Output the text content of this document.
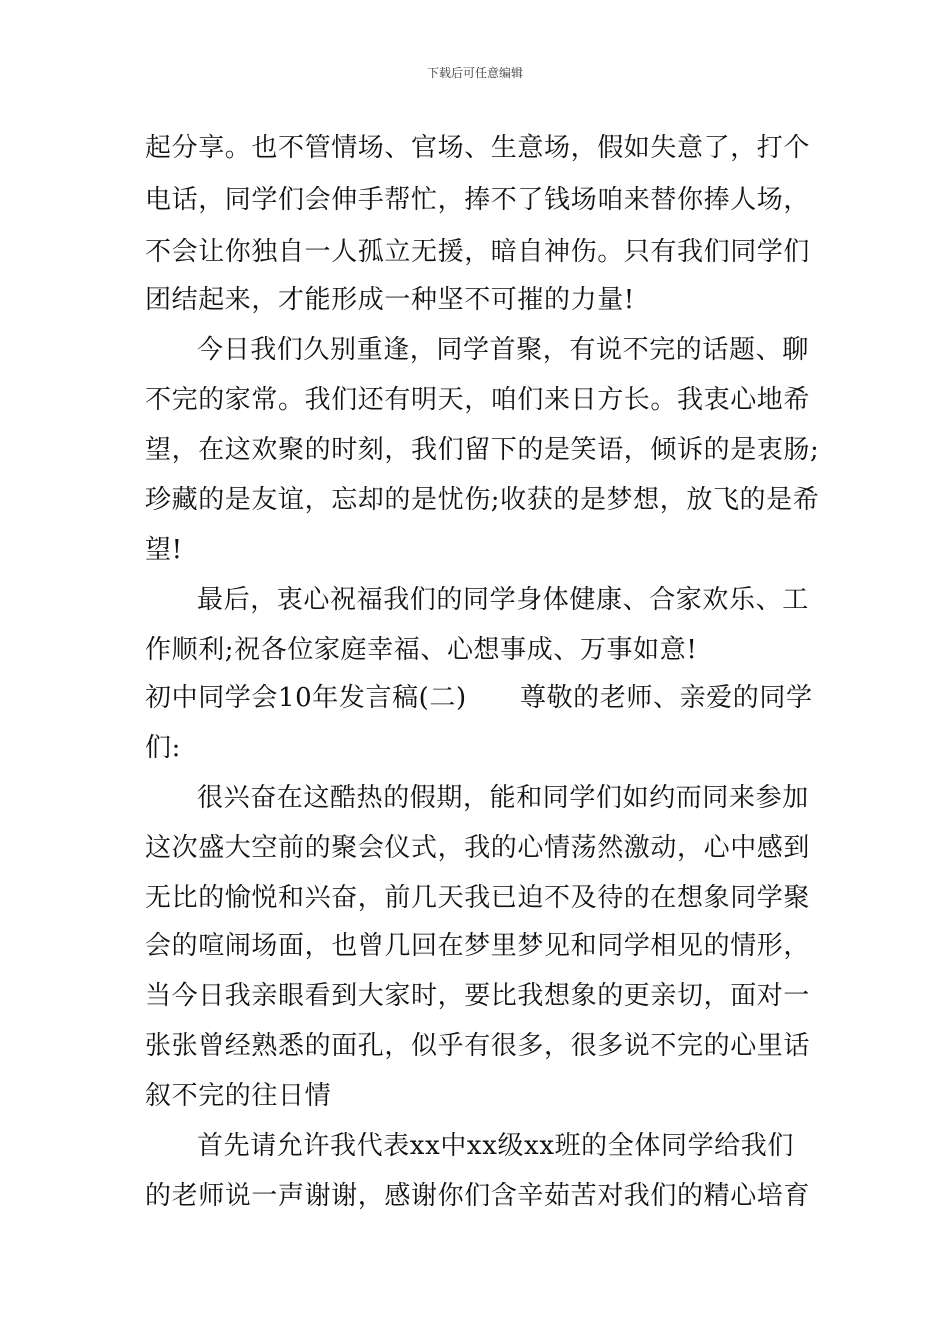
下载后可任意编辑
起分享。也不管情场、官场、生意场，假如失意了，打个
电话，同学们会伸手帮忙，捧不了钱场咱来替你捧人场，
不会让你独自一人孤立无援，暗自神伤。只有我们同学们
团结起来，才能形成一种坚不可摧的力量!
今日我们久别重逢，同学首聚，有说不完的话题、聊
不完的家常。我们还有明天，咱们来日方长。我衷心地希
望，在这欢聚的时刻，我们留下的是笑语，倾诉的是衷肠;
珍藏的是友谊，忘却的是忧伤;收获的是梦想，放飞的是希
望!
最后，衷心祝福我们的同学身体健康、合家欢乐、工
作顺利;祝各位家庭幸福、心想事成、万事如意!
初中同学会10年发言稿(二)　　尊敬的老师、亲爱的同学
们:
很兴奋在这酷热的假期，能和同学们如约而同来参加
这次盛大空前的聚会仪式，我的心情荡然激动，心中感到
无比的愉悦和兴奋，前几天我已迫不及待的在想象同学聚
会的喧闹场面，也曾几回在梦里梦见和同学相见的情形，
当今日我亲眼看到大家时，要比我想象的更亲切，面对一
张张曾经熟悉的面孔，似乎有很多，很多说不完的心里话
叙不完的往日情
首先请允许我代表xx中xx级xx班的全体同学给我们
的老师说一声谢谢，感谢你们含辛茹苦对我们的精心培育
